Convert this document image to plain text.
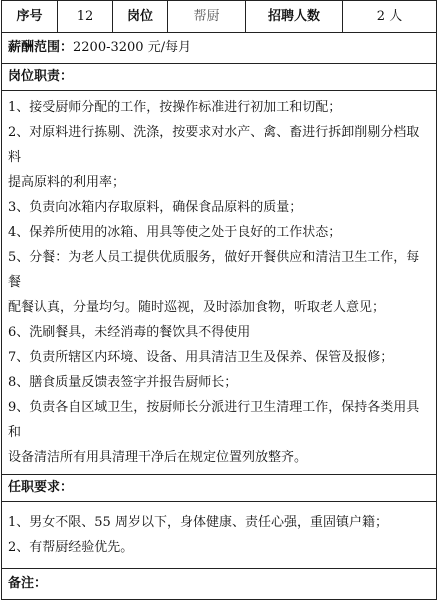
序号	12	岗位	帮厨	招聘人数	2 人
薪酬范围：2200-3200 元/每月
岗位职责：

1、接受厨师分配的工作，按操作标准进行初加工和切配；
2、对原料进行拣剔、洗涤，按要求对水产、禽、畜进行拆卸削剔分档取料
提高原料的利用率；
3、负责向冰箱内存取原料，确保食品原料的质量；
4、保养所使用的冰箱、用具等使之处于良好的工作状态；
5、分餐：为老人员工提供优质服务，做好开餐供应和清洁卫生工作，每餐
配餐认真，分量均匀。随时巡视，及时添加食物，听取老人意见；
6、洗刷餐具，未经消毒的餐饮具不得使用
7、负责所辖区内环境、设备、用具清洁卫生及保养、保管及报修；
8、膳食质量反馈表签字并报告厨师长；
9、负责各自区域卫生，按厨师长分派进行卫生清理工作，保持各类用具和
设备清洁所有用具清理干净后在规定位置列放整齐。

任职要求：

1、男女不限、55 周岁以下，身体健康、责任心强，重固镇户籍；
2、有帮厨经验优先。

备注：
